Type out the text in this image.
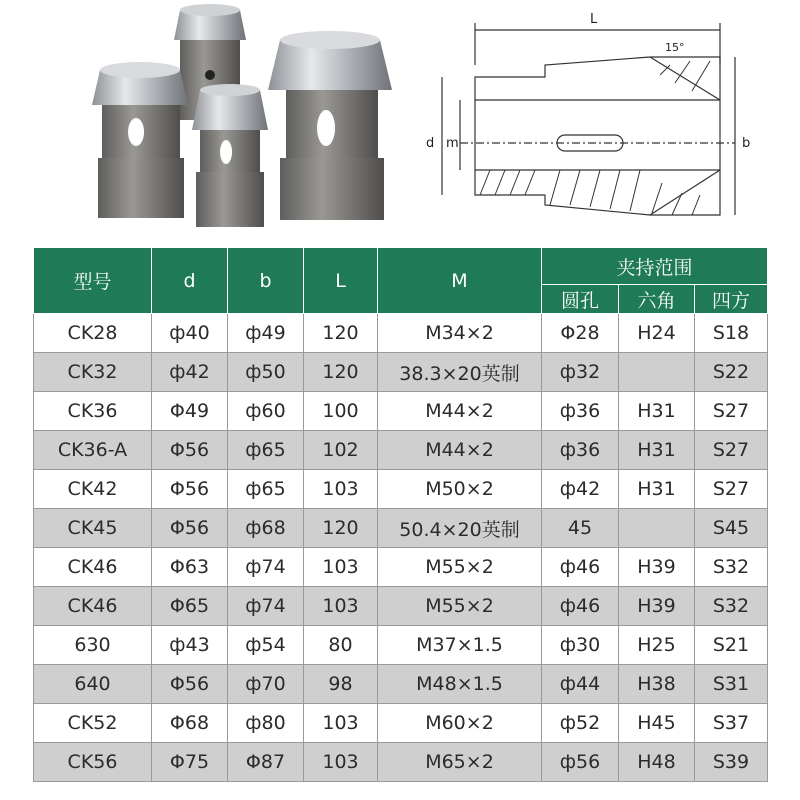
L
15°
d m	b
型号	d	b	L	M	夹持范围		
					圆孔	六角	四方
CK28	ф40	ф49	120	M34×2	Φ28	H24	S18
CK32	ф42	ф50	120	38.3×20英制	ф32		S22
CK36	Φ49	ф60	100	M44×2	ф36	H31	S27
CK36-A	Φ56	ф65	102	M44×2	ф36	H31	S27
CK42	Φ56	ф65	103	M50×2	ф42	H31	S27
CK45	Φ56	ф68	120	50.4×20英制	45		S45
CK46	Φ63	ф74	103	M55×2	ф46	H39	S32
CK46	Φ65	ф74	103	M55×2	ф46	H39	S32
630	ф43	ф54	80	M37×1.5	ф30	H25	S21
640	Φ56	ф70	98	M48×1.5	ф44	H38	S31
CK52	Φ68	ф80	103	M60×2	ф52	H45	S37
CK56	Φ75	Φ87	103	M65×2	ф56	H48	S39
